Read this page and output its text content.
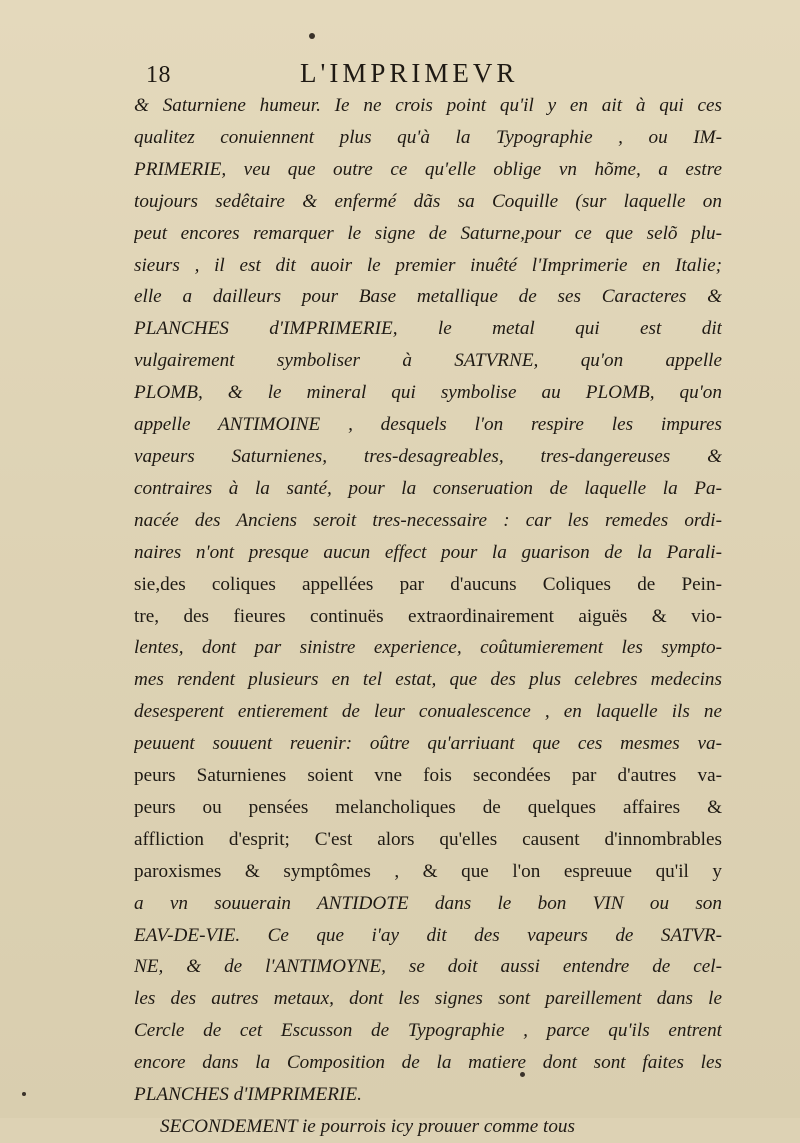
18	L'IMPRIMEVR
& Saturniene humeur. Ie ne crois point qu'il y en ait à qui ces
qualitez conuiennent plus qu'à la Typographie , ou IM-
PRIMERIE, veu que outre ce qu'elle oblige vn hõme, a estre
toujours sedêtaire & enfermé dãs sa Coquille (sur laquelle on
peut encores remarquer le signe de Saturne,pour ce que selõ plu-
sieurs , il est dit auoir le premier inuêté l'Imprimerie en Italie;
elle a dailleurs pour Base metallique de ses Caracteres &
PLANCHES d'IMPRIMERIE, le metal qui est dit
vulgairement symboliser à SATVRNE, qu'on appelle
PLOMB, & le mineral qui symbolise au PLOMB, qu'on
appelle ANTIMOINE , desquels l'on respire les impures
vapeurs Saturnienes, tres-desagreables, tres-dangereuses &
contraires à la santé, pour la conseruation de laquelle la Pa-
nacée des Anciens seroit tres-necessaire : car les remedes ordi-
naires n'ont presque aucun effect pour la guarison de la Parali-
sie,des coliques appellées par d'aucuns Coliques de Pein-
tre, des fieures continuës extraordinairement aiguës & vio-
lentes, dont par sinistre experience, coûtumierement les sympto-
mes rendent plusieurs en tel estat, que des plus celebres medecins
desesperent entierement de leur conualescence , en laquelle ils ne
peuuent souuent reuenir: oûtre qu'arriuant que ces mesmes va-
peurs Saturnienes soient vne fois secondées par d'autres va-
peurs ou pensées melancholiques de quelques affaires &
affliction d'esprit; C'est alors qu'elles causent d'innombrables
paroxismes & symptômes , & que l'on espreuue qu'il y
a vn souuerain ANTIDOTE dans le bon VIN ou son
EAV-DE-VIE. Ce que i'ay dit des vapeurs de SATVR-
NE, & de l'ANTIMOYNE, se doit aussi entendre de cel-
les des autres metaux, dont les signes sont pareillement dans le
Cercle de cet Escusson de Typographie , parce qu'ils entrent
encore dans la Composition de la matiere dont sont faites les
PLANCHES d'IMPRIMERIE.
SECONDEMENT ie pourrois icy prouuer comme tous
